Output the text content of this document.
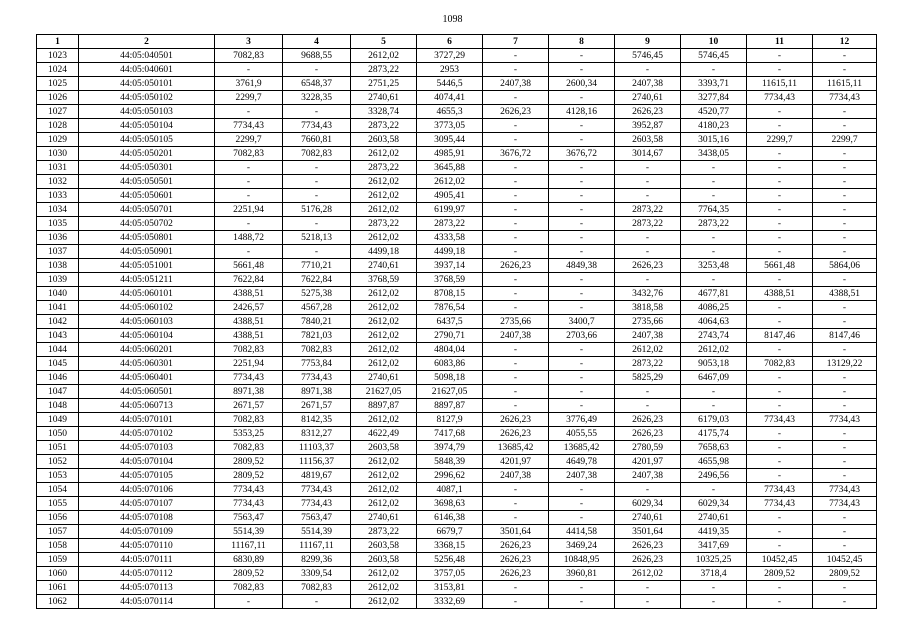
1098
1	2	3	4	5	6	7	8	9	10	11	12
1023	44:05:040501	7082,83	9688,55	2612,02	3727,29	-	-	5746,45	5746,45	-	-
1024	44:05:040601	-	-	2873,22	2953	-	-	-	-	-	-
1025	44:05:050101	3761,9	6548,37	2751,25	5446,5	2407,38	2600,34	2407,38	3393,71	11615,11	11615,11
1026	44:05:050102	2299,7	3228,35	2740,61	4074,41	-	-	2740,61	3277,84	7734,43	7734,43
1027	44:05:050103	-	-	3328,74	4655,3	2626,23	4128,16	2626,23	4520,77	-	-
1028	44:05:050104	7734,43	7734,43	2873,22	3773,05	-	-	3952,87	4180,23	-	-
1029	44:05:050105	2299,7	7660,81	2603,58	3095,44	-	-	2603,58	3015,16	2299,7	2299,7
1030	44:05:050201	7082,83	7082,83	2612,02	4985,91	3676,72	3676,72	3014,67	3438,05	-	-
1031	44:05:050301	-	-	2873,22	3645,88	-	-	-	-	-	-
1032	44:05:050501	-	-	2612,02	2612,02	-	-	-	-	-	-
1033	44:05:050601	-	-	2612,02	4905,41	-	-	-	-	-	-
1034	44:05:050701	2251,94	5176,28	2612,02	6199,97	-	-	2873,22	7764,35	-	-
1035	44:05:050702	-	-	2873,22	2873,22	-	-	2873,22	2873,22	-	-
1036	44:05:050801	1488,72	5218,13	2612,02	4333,58	-	-	-	-	-	-
1037	44:05:050901	-	-	4499,18	4499,18	-	-	-	-	-	-
1038	44:05:051001	5661,48	7710,21	2740,61	3937,14	2626,23	4849,38	2626,23	3253,48	5661,48	5864,06
1039	44:05:051211	7622,84	7622,84	3768,59	3768,59	-	-	-	-	-	-
1040	44:05:060101	4388,51	5275,38	2612,02	8708,15	-	-	3432,76	4677,81	4388,51	4388,51
1041	44:05:060102	2426,57	4567,28	2612,02	7876,54	-	-	3818,58	4086,25	-	-
1042	44:05:060103	4388,51	7840,21	2612,02	6437,5	2735,66	3400,7	2735,66	4064,63	-	-
1043	44:05:060104	4388,51	7821,03	2612,02	2790,71	2407,38	2703,66	2407,38	2743,74	8147,46	8147,46
1044	44:05:060201	7082,83	7082,83	2612,02	4804,04	-	-	2612,02	2612,02	-	-
1045	44:05:060301	2251,94	7753,84	2612,02	6083,86	-	-	2873,22	9053,18	7082,83	13129,22
1046	44:05:060401	7734,43	7734,43	2740,61	5098,18	-	-	5825,29	6467,09	-	-
1047	44:05:060501	8971,38	8971,38	21627,05	21627,05	-	-	-	-	-	-
1048	44:05:060713	2671,57	2671,57	8897,87	8897,87	-	-	-	-	-	-
1049	44:05:070101	7082,83	8142,35	2612,02	8127,9	2626,23	3776,49	2626,23	6179,03	7734,43	7734,43
1050	44:05:070102	5353,25	8312,27	4622,49	7417,68	2626,23	4055,55	2626,23	4175,74	-	-
1051	44:05:070103	7082,83	11103,37	2603,58	3974,79	13685,42	13685,42	2780,59	7658,63	-	-
1052	44:05:070104	2809,52	11156,37	2612,02	5848,39	4201,97	4649,78	4201,97	4655,98	-	-
1053	44:05:070105	2809,52	4819,67	2612,02	2996,62	2407,38	2407,38	2407,38	2496,56	-	-
1054	44:05:070106	7734,43	7734,43	2612,02	4087,1	-	-	-	-	7734,43	7734,43
1055	44:05:070107	7734,43	7734,43	2612,02	3698,63	-	-	6029,34	6029,34	7734,43	7734,43
1056	44:05:070108	7563,47	7563,47	2740,61	6146,38	-	-	2740,61	2740,61	-	-
1057	44:05:070109	5514,39	5514,39	2873,22	6679,7	3501,64	4414,58	3501,64	4419,35	-	-
1058	44:05:070110	11167,11	11167,11	2603,58	3368,15	2626,23	3469,24	2626,23	3417,69	-	-
1059	44:05:070111	6830,89	8299,36	2603,58	5256,48	2626,23	10848,95	2626,23	10325,25	10452,45	10452,45
1060	44:05:070112	2809,52	3309,54	2612,02	3757,05	2626,23	3960,81	2612,02	3718,4	2809,52	2809,52
1061	44:05:070113	7082,83	7082,83	2612,02	3153,81	-	-	-	-	-	-
1062	44:05:070114	-	-	2612,02	3332,69	-	-	-	-	-	-
